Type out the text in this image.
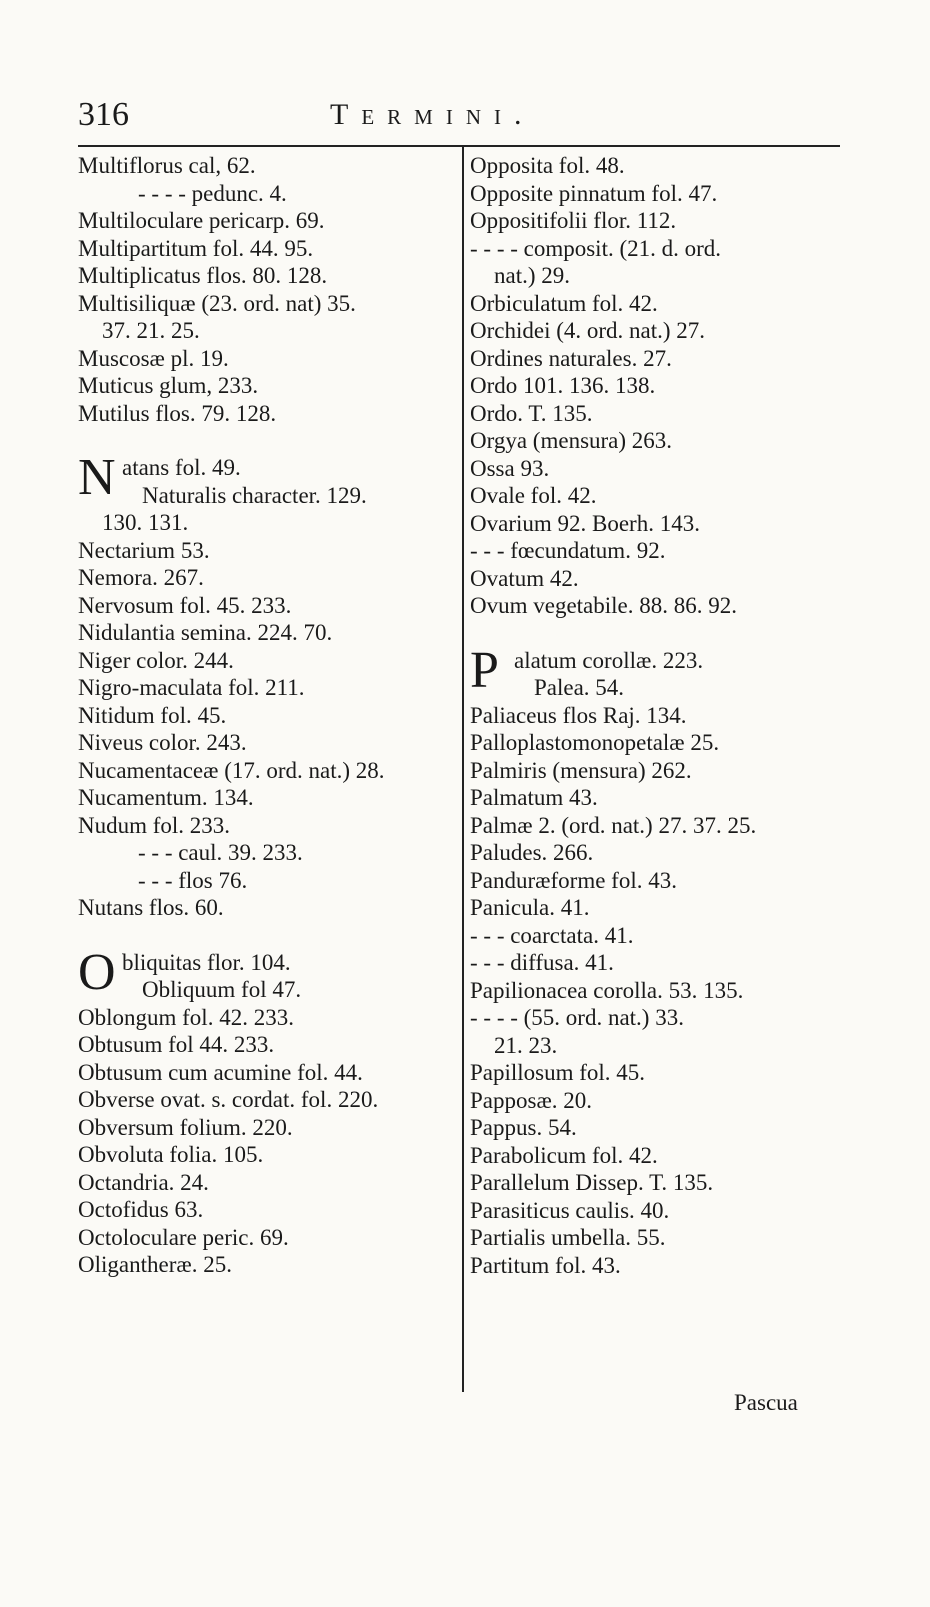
316	Termini.
Multiflorus cal, 62.
- - - - pedunc. 4.
Multiloculare pericarp. 69.
Multipartitum fol. 44. 95.
Multiplicatus flos. 80. 128.
Multisiliquæ (23. ord. nat) 35.
37. 21. 25.
Muscosæ pl. 19.
Muticus glum, 233.
Mutilus flos. 79. 128.
N atans fol. 49.
Naturalis character. 129.
130. 131.
Nectarium 53.
Nemora. 267.
Nervosum fol. 45. 233.
Nidulantia semina. 224. 70.
Niger color. 244.
Nigro-maculata fol. 211.
Nitidum fol. 45.
Niveus color. 243.
Nucamentaceæ (17. ord. nat.) 28.
Nucamentum. 134.
Nudum fol. 233.
- - - caul. 39. 233.
- - - flos 76.
Nutans flos. 60.
O bliquitas flor. 104.
Obliquum fol 47.
Oblongum fol. 42. 233.
Obtusum fol 44. 233.
Obtusum cum acumine fol. 44.
Obverse ovat. s. cordat. fol. 220.
Obversum folium. 220.
Obvoluta folia. 105.
Octandria. 24.
Octofidus 63.
Octoloculare peric. 69.
Oligantheræ. 25.
Opposita fol. 48.
Opposite pinnatum fol. 47.
Oppositifolii flor. 112.
- - - - composit. (21. d. ord.
nat.) 29.
Orbiculatum fol. 42.
Orchidei (4. ord. nat.) 27.
Ordines naturales. 27.
Ordo 101. 136. 138.
Ordo. T. 135.
Orgya (mensura) 263.
Ossa 93.
Ovale fol. 42.
Ovarium 92. Boerh. 143.
- - - fœcundatum. 92.
Ovatum 42.
Ovum vegetabile. 88. 86. 92.
P alatum corollæ. 223.
Palea. 54.
Paliaceus flos Raj. 134.
Palloplastomonopetalæ 25.
Palmiris (mensura) 262.
Palmatum 43.
Palmæ 2. (ord. nat.) 27. 37. 25.
Paludes. 266.
Panduræforme fol. 43.
Panicula. 41.
- - - coarctata. 41.
- - - diffusa. 41.
Papilionacea corolla. 53. 135.
- - - - (55. ord. nat.) 33.
21. 23.
Papillosum fol. 45.
Papposæ. 20.
Pappus. 54.
Parabolicum fol. 42.
Parallelum Dissep. T. 135.
Parasiticus caulis. 40.
Partialis umbella. 55.
Partitum fol. 43.
Pascua
